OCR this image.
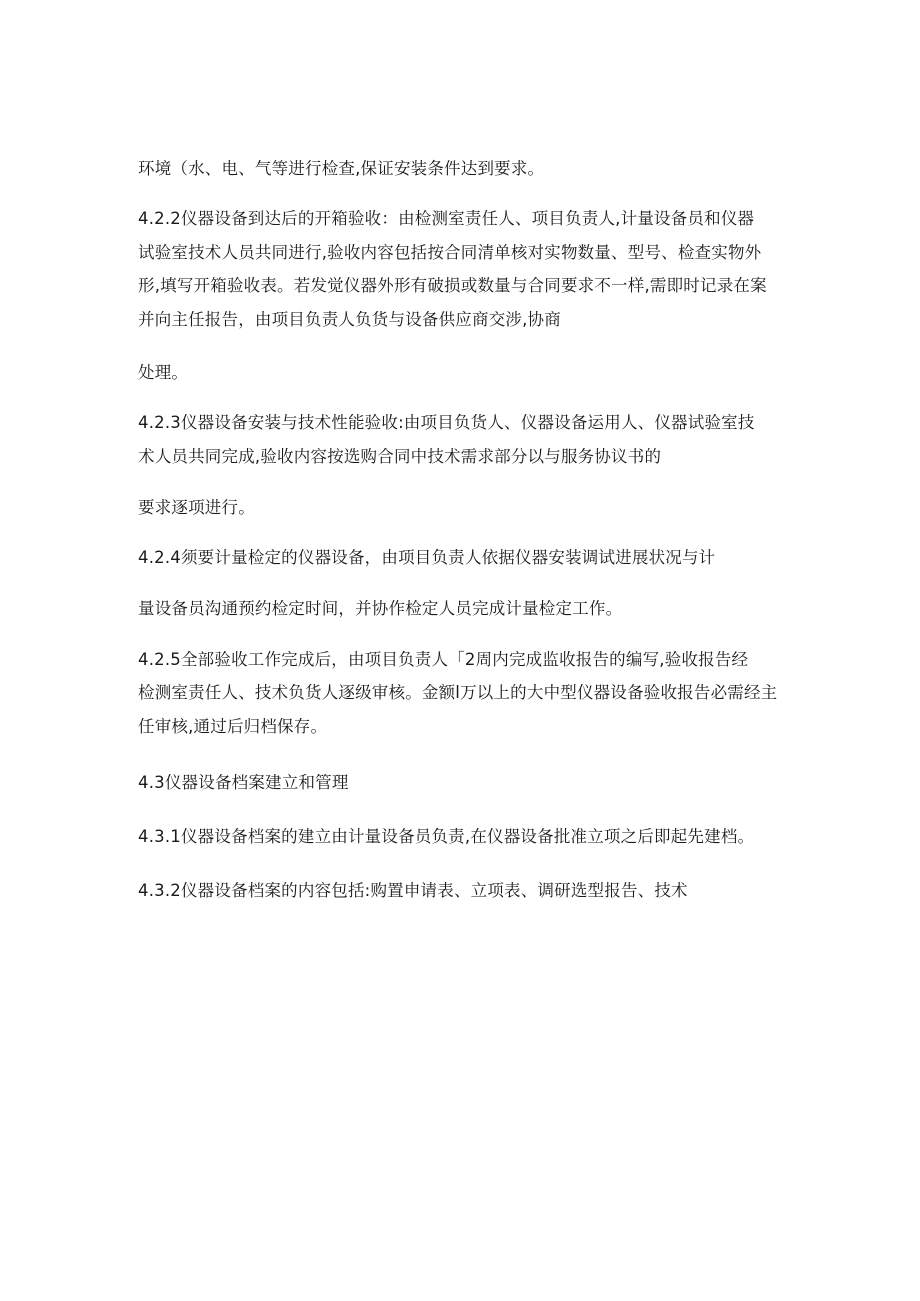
环境（水、电、气等进行检查,保证安装条件达到要求。
4.2.2仪器设备到达后的开箱验收：由检测室责任人、项目负责人,计量设备员和仪器
试验室技术人员共同进行,验收内容包括按合同清单核对实物数量、型号、检查实物外
形,填写开箱验收表。若发觉仪器外形有破损或数量与合同要求不一样,需即时记录在案
并向主任报告，由项目负责人负货与设备供应商交涉,协商
处理。
4.2.3仪器设备安装与技术性能验收:由项目负货人、仪器设备运用人、仪器试验室技
术人员共同完成,验收内容按选购合同中技术需求部分以与服务协议书的
要求逐项进行。
4.2.4须要计量检定的仪器设备，由项目负责人依据仪器安装调试进展状况与计
量设备员沟通预约检定时间，并协作检定人员完成计量检定工作。
4.2.5全部验收工作完成后，由项目负责人「2周内完成监收报告的编写,验收报告经
检测室责任人、技术负货人逐级审核。金额l万以上的大中型仪器设备验收报告必需经主
任审核,通过后归档保存。
4.3仪器设备档案建立和管理
4.3.1仪器设备档案的建立由计量设备员负责,在仪器设备批准立项之后即起先建档。
4.3.2仪器设备档案的内容包括:购置申请表、立项表、调研选型报告、技术
